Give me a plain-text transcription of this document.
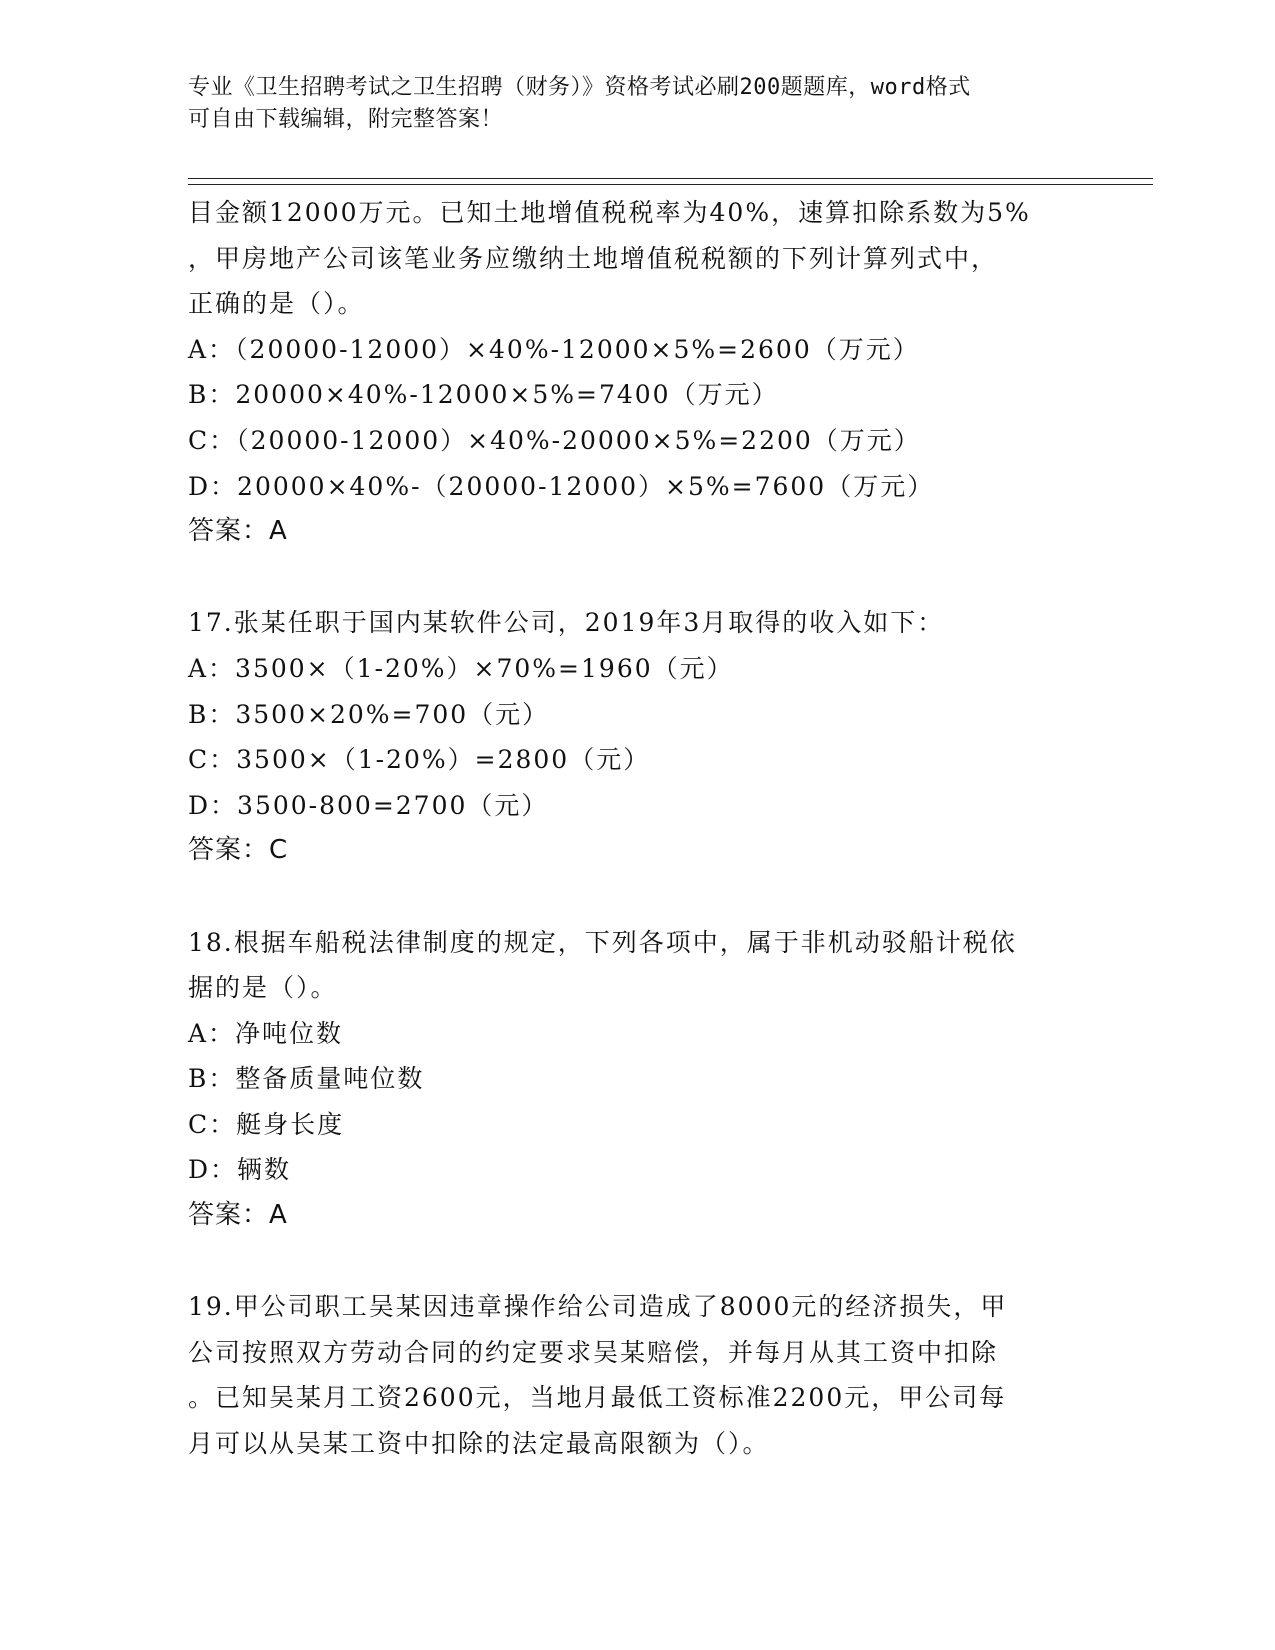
专业《卫生招聘考试之卫生招聘（财务）》资格考试必刷200题题库，word格式
可自由下载编辑，附完整答案！
目金额12000万元。已知土地增值税税率为40%，速算扣除系数为5%
，甲房地产公司该笔业务应缴纳土地增值税税额的下列计算列式中，
正确的是（）。
A：（20000-12000）×40%-12000×5%=2600（万元）
B：20000×40%-12000×5%=7400（万元）
C：（20000-12000）×40%-20000×5%=2200（万元）
D：20000×40%-（20000-12000）×5%=7600（万元）
答案：A
17.张某任职于国内某软件公司，2019年3月取得的收入如下：
A：3500×（1-20%）×70%=1960（元）
B：3500×20%=700（元）
C：3500×（1-20%）=2800（元）
D：3500-800=2700（元）
答案：C
18.根据车船税法律制度的规定，下列各项中，属于非机动驳船计税依
据的是（）。
A：净吨位数
B：整备质量吨位数
C：艇身长度
D：辆数
答案：A
19.甲公司职工吴某因违章操作给公司造成了8000元的经济损失，甲
公司按照双方劳动合同的约定要求吴某赔偿，并每月从其工资中扣除
。已知吴某月工资2600元，当地月最低工资标准2200元，甲公司每
月可以从吴某工资中扣除的法定最高限额为（）。
